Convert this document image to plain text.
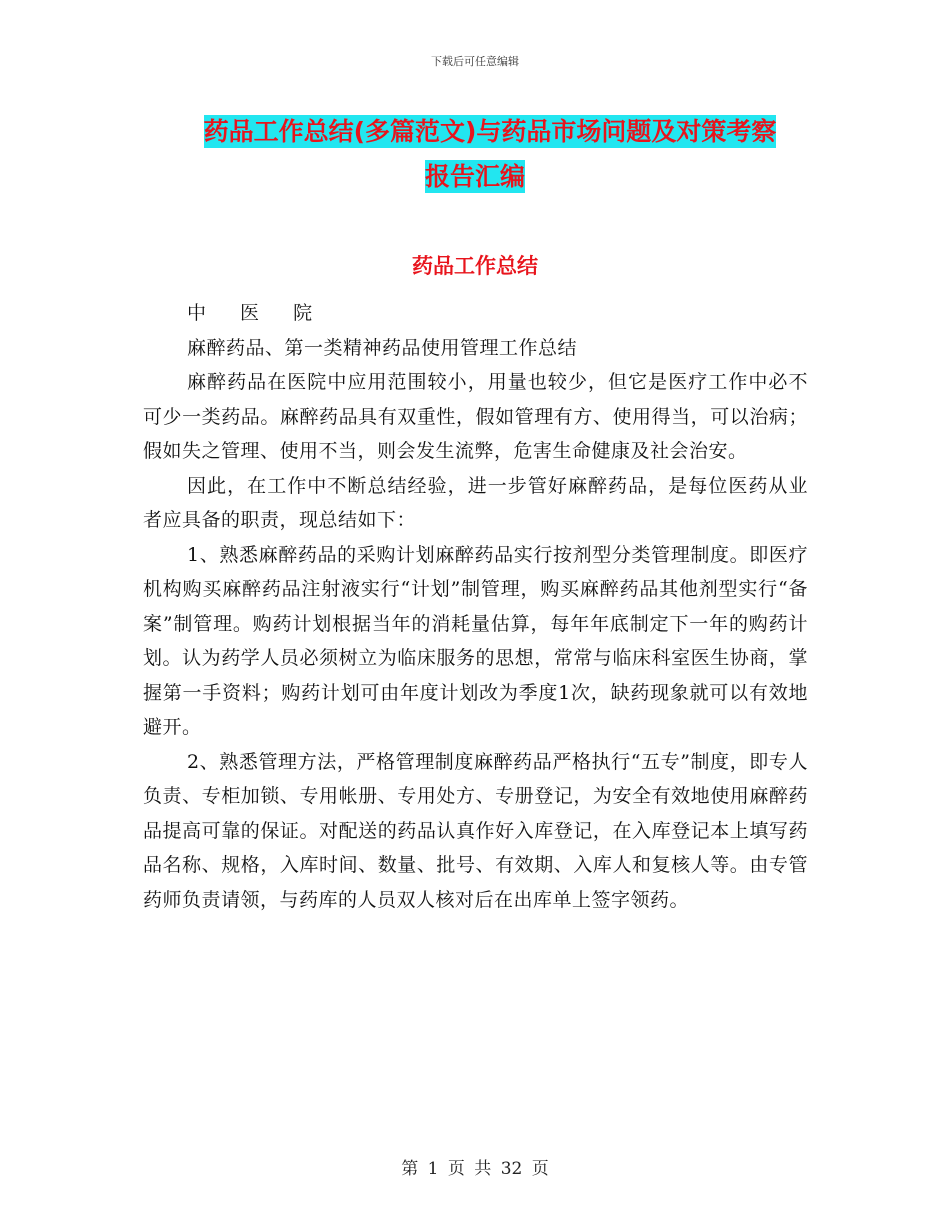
下载后可任意编辑
药品工作总结(多篇范文)与药品市场问题及对策考察
报告汇编
药品工作总结

中 医 院

麻醉药品、第一类精神药品使用管理工作总结

麻醉药品在医院中应用范围较小，用量也较少，但它是医疗工作中必不可少一类药品。麻醉药品具有双重性，假如管理有方、使用得当，可以治病；假如失之管理、使用不当，则会发生流弊，危害生命健康及社会治安。

因此，在工作中不断总结经验，进一步管好麻醉药品，是每位医药从业者应具备的职责，现总结如下：

1、熟悉麻醉药品的采购计划麻醉药品实行按剂型分类管理制度。即医疗机构购买麻醉药品注射液实行“计划”制管理，购买麻醉药品其他剂型实行“备案”制管理。购药计划根据当年的消耗量估算，每年年底制定下一年的购药计划。认为药学人员必须树立为临床服务的思想，常常与临床科室医生协商，掌握第一手资料；购药计划可由年度计划改为季度1次，缺药现象就可以有效地避开。

2、熟悉管理方法，严格管理制度麻醉药品严格执行“五专”制度，即专人负责、专柜加锁、专用帐册、专用处方、专册登记，为安全有效地使用麻醉药品提高可靠的保证。对配送的药品认真作好入库登记，在入库登记本上填写药品名称、规格，入库时间、数量、批号、有效期、入库人和复核人等。由专管药师负责请领，与药库的人员双人核对后在出库单上签字领药。

第 1 页 共 32 页
